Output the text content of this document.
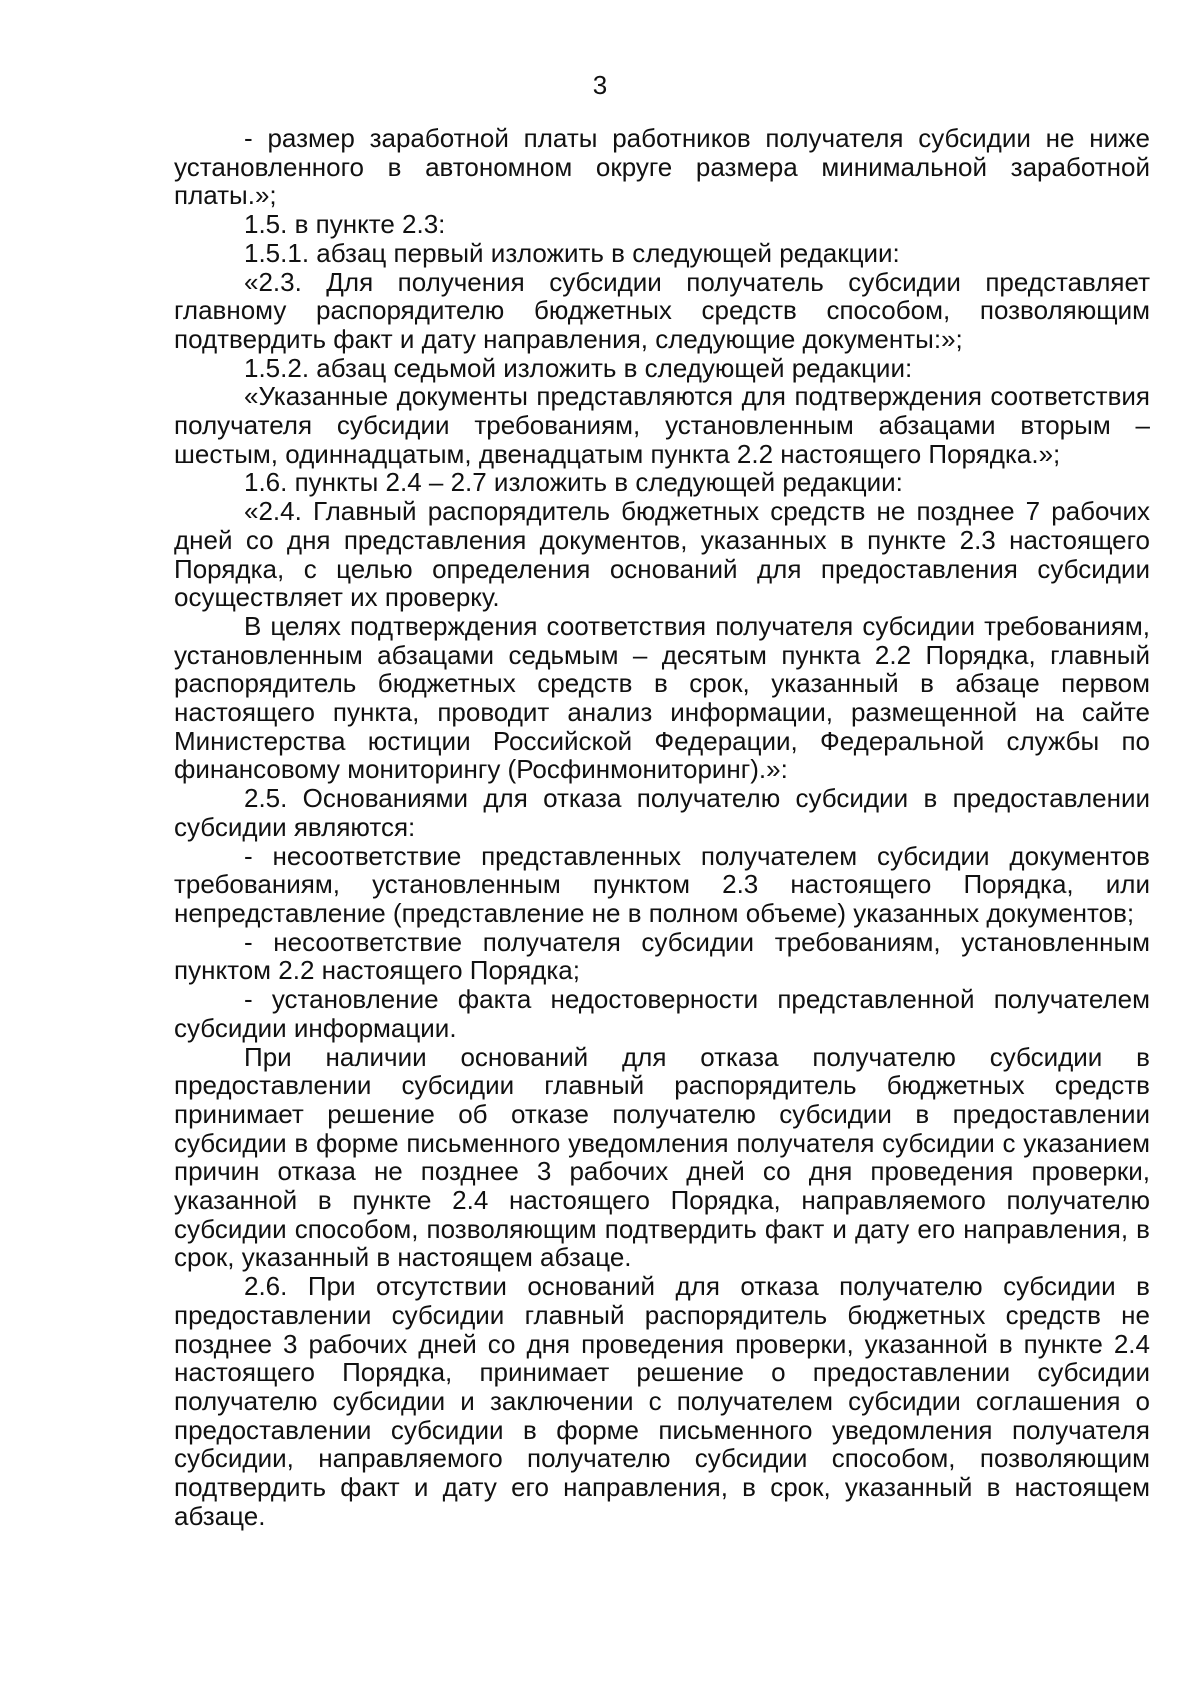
3

- размер заработной платы работников получателя субсидии не ниже установленного в автономном округе размера минимальной заработной платы.»;

1.5. в пункте 2.3:

1.5.1. абзац первый изложить в следующей редакции:

«2.3. Для получения субсидии получатель субсидии представляет главному распорядителю бюджетных средств способом, позволяющим подтвердить факт и дату направления, следующие документы:»;

1.5.2. абзац седьмой изложить в следующей редакции:

«Указанные документы представляются для подтверждения соответствия получателя субсидии требованиям, установленным абзацами вторым – шестым, одиннадцатым, двенадцатым пункта 2.2 настоящего Порядка.»;

1.6. пункты 2.4 – 2.7 изложить в следующей редакции:

«2.4. Главный распорядитель бюджетных средств не позднее 7 рабочих дней со дня представления документов, указанных в пункте 2.3 настоящего Порядка, с целью определения оснований для предоставления субсидии осуществляет их проверку.

В целях подтверждения соответствия получателя субсидии требованиям, установленным абзацами седьмым – десятым пункта 2.2 Порядка, главный распорядитель бюджетных средств в срок, указанный в абзаце первом настоящего пункта, проводит анализ информации, размещенной на сайте Министерства юстиции Российской Федерации, Федеральной службы по финансовому мониторингу (Росфинмониторинг).»:

2.5. Основаниями для отказа получателю субсидии в предоставлении субсидии являются:

- несоответствие представленных получателем субсидии документов требованиям, установленным пунктом 2.3 настоящего Порядка, или непредставление (представление не в полном объеме) указанных документов;

- несоответствие получателя субсидии требованиям, установленным пунктом 2.2 настоящего Порядка;

- установление факта недостоверности представленной получателем субсидии информации.

При наличии оснований для отказа получателю субсидии в предоставлении субсидии главный распорядитель бюджетных средств принимает решение об отказе получателю субсидии в предоставлении субсидии в форме письменного уведомления получателя субсидии с указанием причин отказа не позднее 3 рабочих дней со дня проведения проверки, указанной в пункте 2.4 настоящего Порядка, направляемого получателю субсидии способом, позволяющим подтвердить факт и дату его направления, в срок, указанный в настоящем абзаце.

2.6. При отсутствии оснований для отказа получателю субсидии в предоставлении субсидии главный распорядитель бюджетных средств не позднее 3 рабочих дней со дня проведения проверки, указанной в пункте 2.4 настоящего Порядка, принимает решение о предоставлении субсидии получателю субсидии и заключении с получателем субсидии соглашения о предоставлении субсидии в форме письменного уведомления получателя субсидии, направляемого получателю субсидии способом, позволяющим подтвердить факт и дату его направления, в срок, указанный в настоящем абзаце.
